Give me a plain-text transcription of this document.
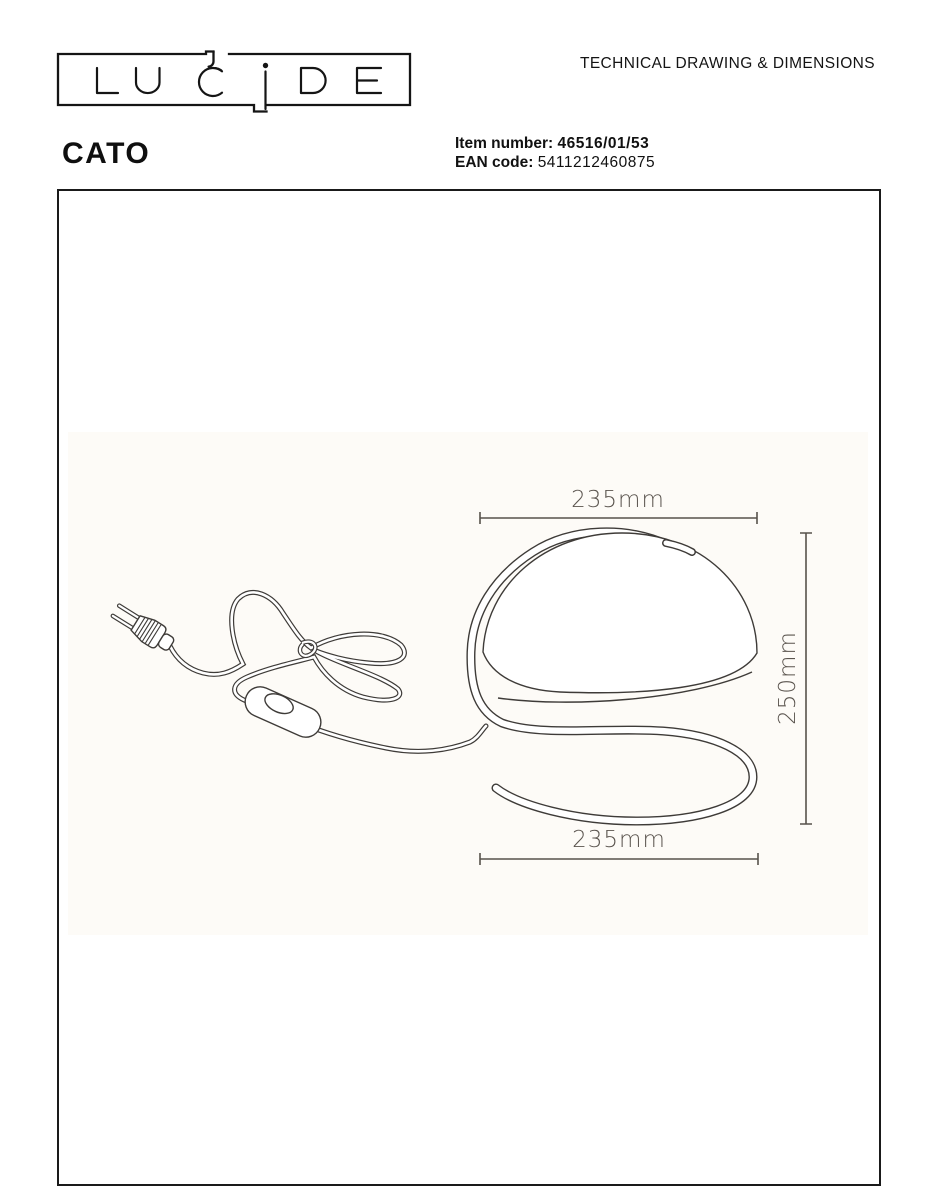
TECHNICAL DRAWING & DIMENSIONS
CATO	Item number: 46516/01/53
EAN code: 5411212460875
235mm
250mm
235mm
